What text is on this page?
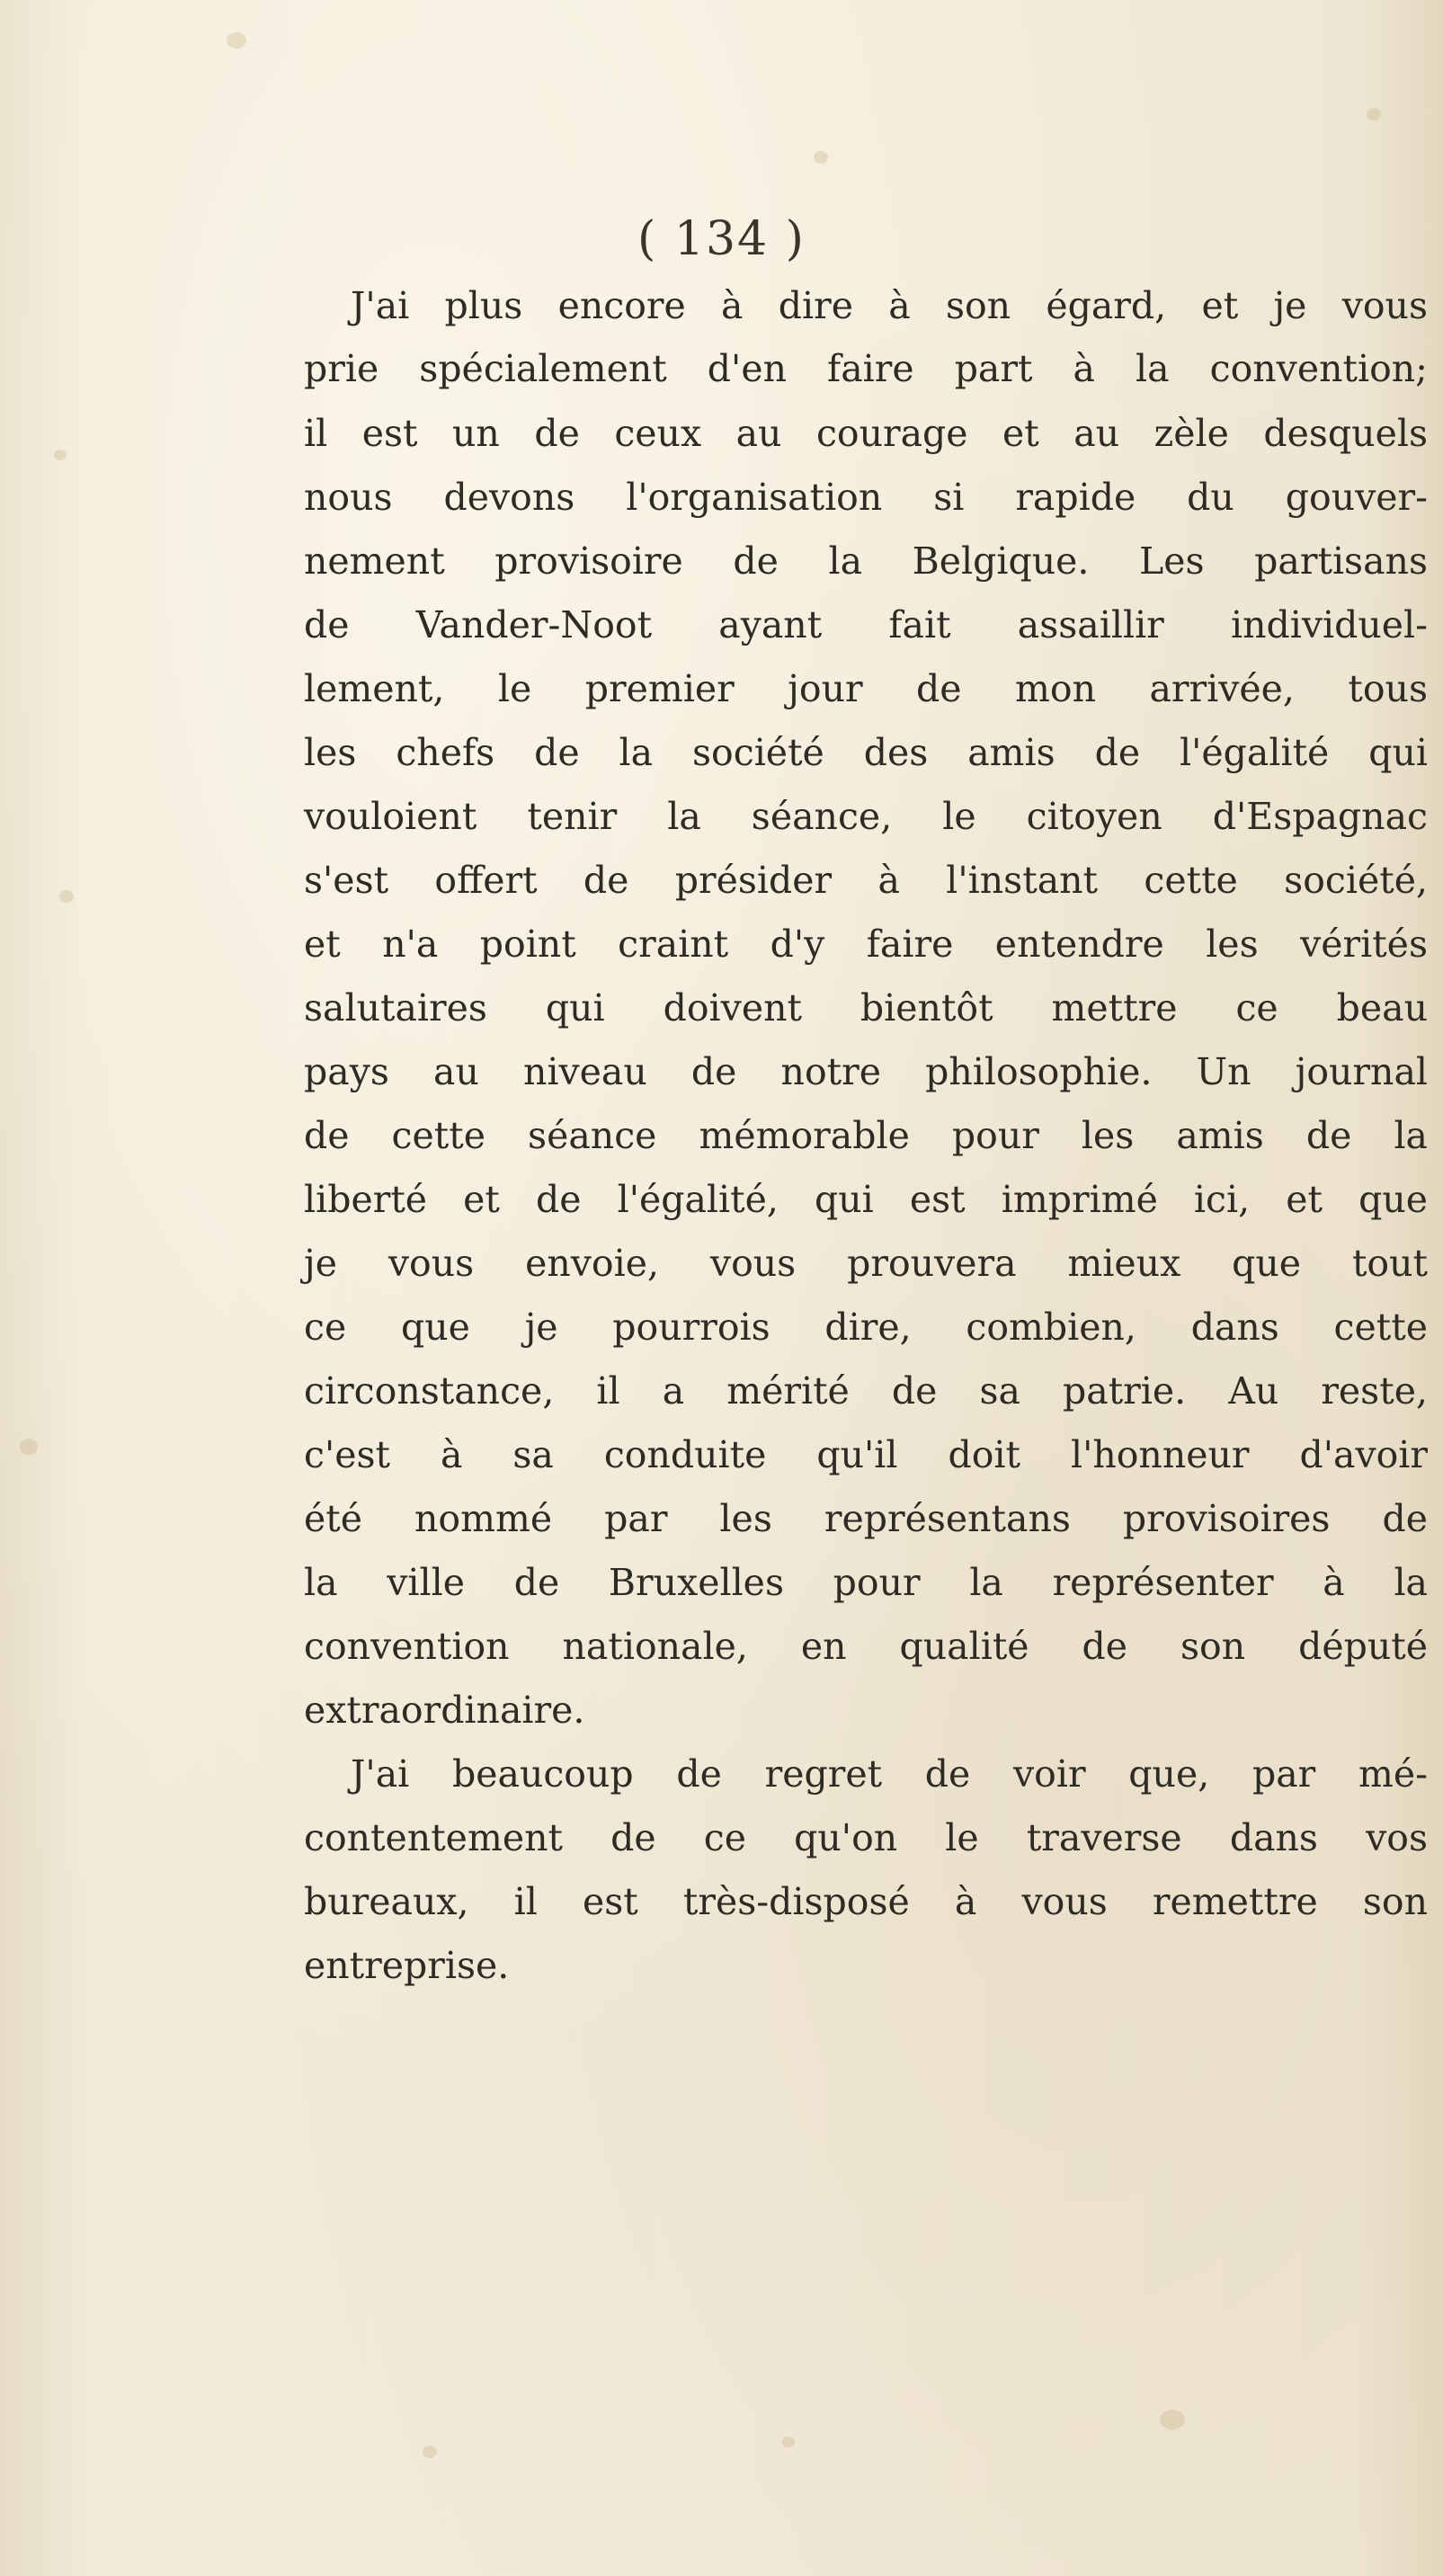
( 134 )
J'ai plus encore à dire à son égard, et je vous
prie spécialement d'en faire part à la convention;
il est un de ceux au courage et au zèle desquels
nous devons l'organisation si rapide du gouver-
nement provisoire de la Belgique. Les partisans
de Vander-Noot ayant fait assaillir individuel-
lement, le premier jour de mon arrivée, tous
les chefs de la société des amis de l'égalité qui
vouloient tenir la séance, le citoyen d'Espagnac
s'est offert de présider à l'instant cette société,
et n'a point craint d'y faire entendre les vérités
salutaires qui doivent bientôt mettre ce beau
pays au niveau de notre philosophie. Un journal
de cette séance mémorable pour les amis de la
liberté et de l'égalité, qui est imprimé ici, et que
je vous envoie, vous prouvera mieux que tout
ce que je pourrois dire, combien, dans cette
circonstance, il a mérité de sa patrie. Au reste,
c'est à sa conduite qu'il doit l'honneur d'avoir
été nommé par les représentans provisoires de
la ville de Bruxelles pour la représenter à la
convention nationale, en qualité de son député
extraordinaire.
J'ai beaucoup de regret de voir que, par mé-
contentement de ce qu'on le traverse dans vos
bureaux, il est très-disposé à vous remettre son
entreprise.
